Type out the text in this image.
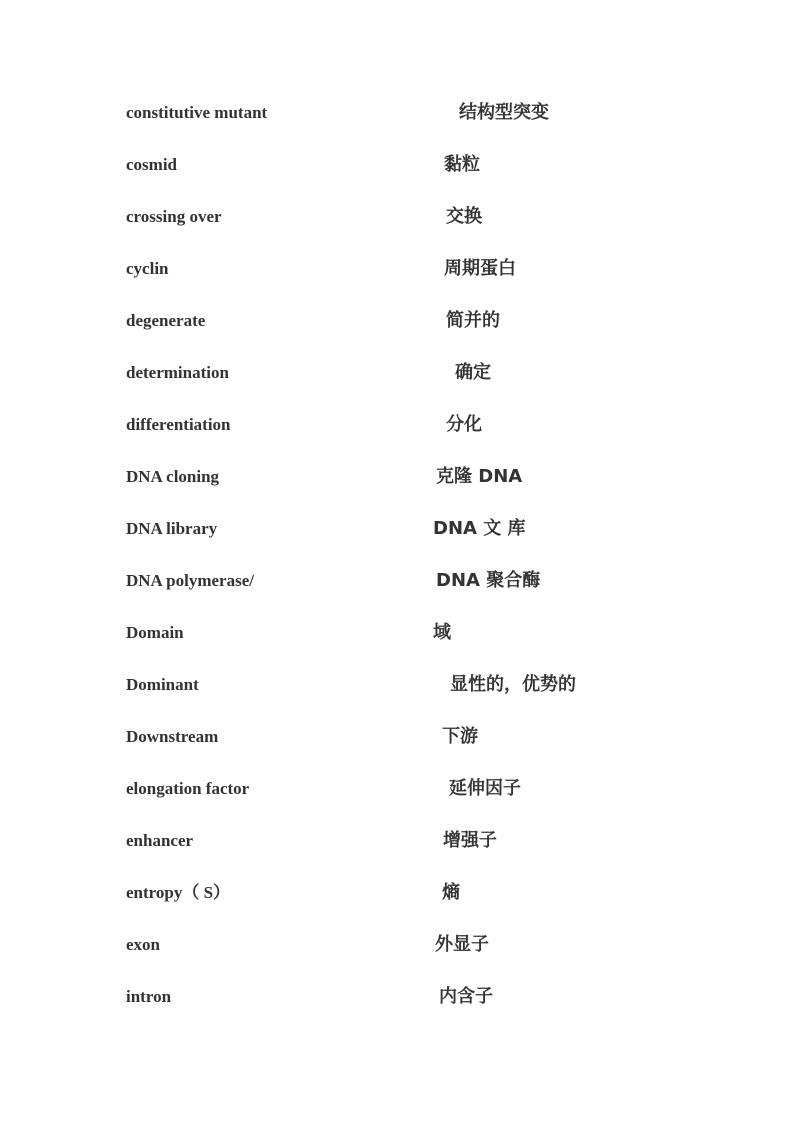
constitutive mutant	结构型突变
cosmid	黏粒
crossing over	交换
cyclin	周期蛋白
degenerate	简并的
determination	确定
differentiation	分化
DNA cloning	克隆 DNA
DNA library	DNA 文 库
DNA polymerase/	DNA 聚合酶
Domain	域
Dominant	显性的，优势的
Downstream	下游
elongation factor	延伸因子
enhancer	增强子
entropy（ S）	熵
exon	外显子
intron	内含子
